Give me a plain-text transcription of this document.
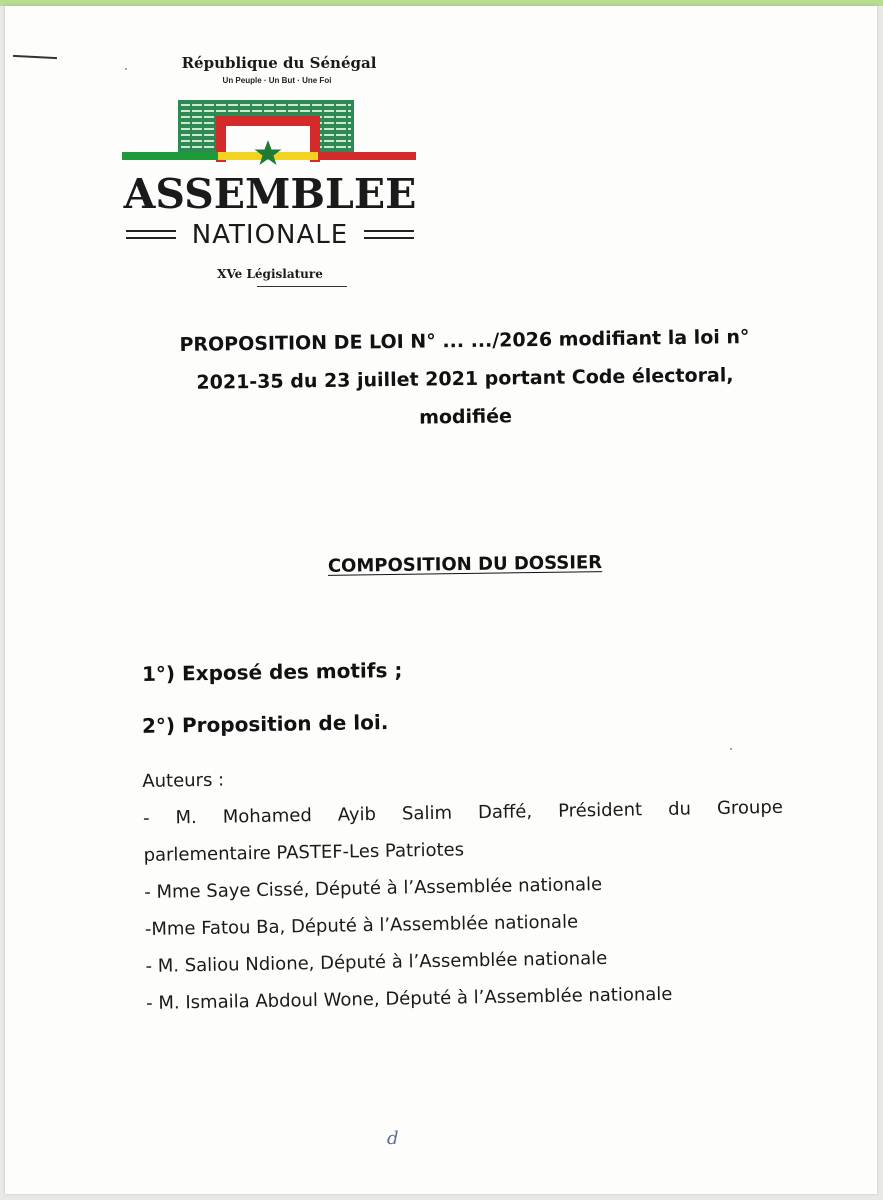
République du Sénégal
Un Peuple · Un But · Une Foi
ASSEMBLEE
NATIONALE
XVe Législature
PROPOSITION DE LOI N° ... .../2026 modifiant la loi n°
2021-35 du 23 juillet 2021 portant Code électoral,
modifiée
COMPOSITION DU DOSSIER
1°) Exposé des motifs ;
2°) Proposition de loi.
Auteurs :
- M. Mohamed Ayib Salim Daffé, Président du Groupe
parlementaire PASTEF-Les Patriotes
- Mme Saye Cissé, Député à l’Assemblée nationale
-Mme Fatou Ba, Député à l’Assemblée nationale
- M. Saliou Ndione, Député à l’Assemblée nationale
- M. Ismaila Abdoul Wone, Député à l’Assemblée nationale
d
